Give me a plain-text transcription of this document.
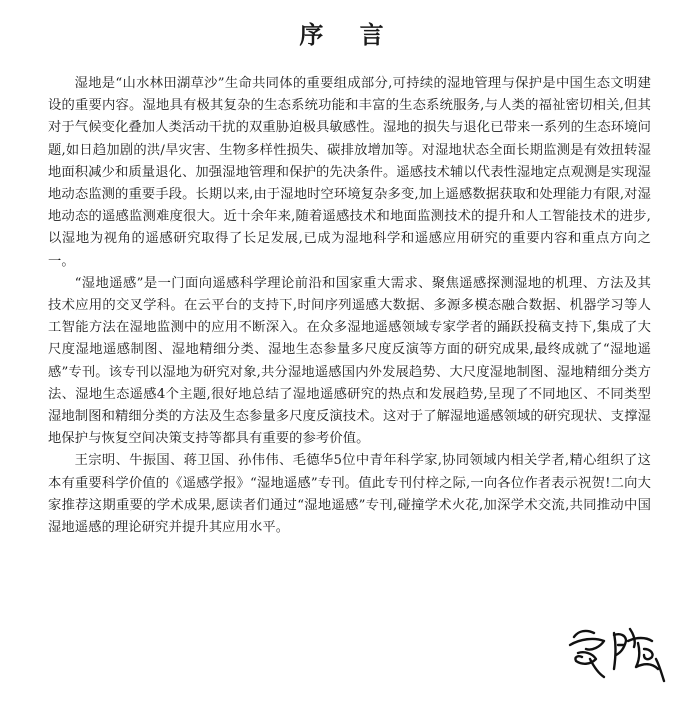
序 言

湿地是“山水林田湖草沙”生命共同体的重要组成部分,可持续的湿地管理与保护是中国生态文明建设的重要内容。湿地具有极其复杂的生态系统功能和丰富的生态系统服务,与人类的福祉密切相关,但其对于气候变化叠加人类活动干扰的双重胁迫极具敏感性。湿地的损失与退化已带来一系列的生态环境问题,如日趋加剧的洪/旱灾害、生物多样性损失、碳排放增加等。对湿地状态全面长期监测是有效扭转湿地面积减少和质量退化、加强湿地管理和保护的先决条件。遥感技术辅以代表性湿地定点观测是实现湿地动态监测的重要手段。长期以来,由于湿地时空环境复杂多变,加上遥感数据获取和处理能力有限,对湿地动态的遥感监测难度很大。近十余年来,随着遥感技术和地面监测技术的提升和人工智能技术的进步,以湿地为视角的遥感研究取得了长足发展,已成为湿地科学和遥感应用研究的重要内容和重点方向之一。

“湿地遥感”是一门面向遥感科学理论前沿和国家重大需求、聚焦遥感探测湿地的机理、方法及其技术应用的交叉学科。在云平台的支持下,时间序列遥感大数据、多源多模态融合数据、机器学习等人工智能方法在湿地监测中的应用不断深入。在众多湿地遥感领域专家学者的踊跃投稿支持下,集成了大尺度湿地遥感制图、湿地精细分类、湿地生态参量多尺度反演等方面的研究成果,最终成就了“湿地遥感”专刊。该专刊以湿地为研究对象,共分湿地遥感国内外发展趋势、大尺度湿地制图、湿地精细分类方法、湿地生态遥感4个主题,很好地总结了湿地遥感研究的热点和发展趋势,呈现了不同地区、不同类型湿地制图和精细分类的方法及生态参量多尺度反演技术。这对于了解湿地遥感领域的研究现状、支撑湿地保护与恢复空间决策支持等都具有重要的参考价值。

王宗明、牛振国、蒋卫国、孙伟伟、毛德华5位中青年科学家,协同领域内相关学者,精心组织了这本有重要科学价值的《遥感学报》“湿地遥感”专刊。值此专刊付梓之际,一向各位作者表示祝贺!二向大家推荐这期重要的学术成果,愿读者们通过“湿地遥感”专刊,碰撞学术火花,加深学术交流,共同推动中国湿地遥感的理论研究并提升其应用水平。
